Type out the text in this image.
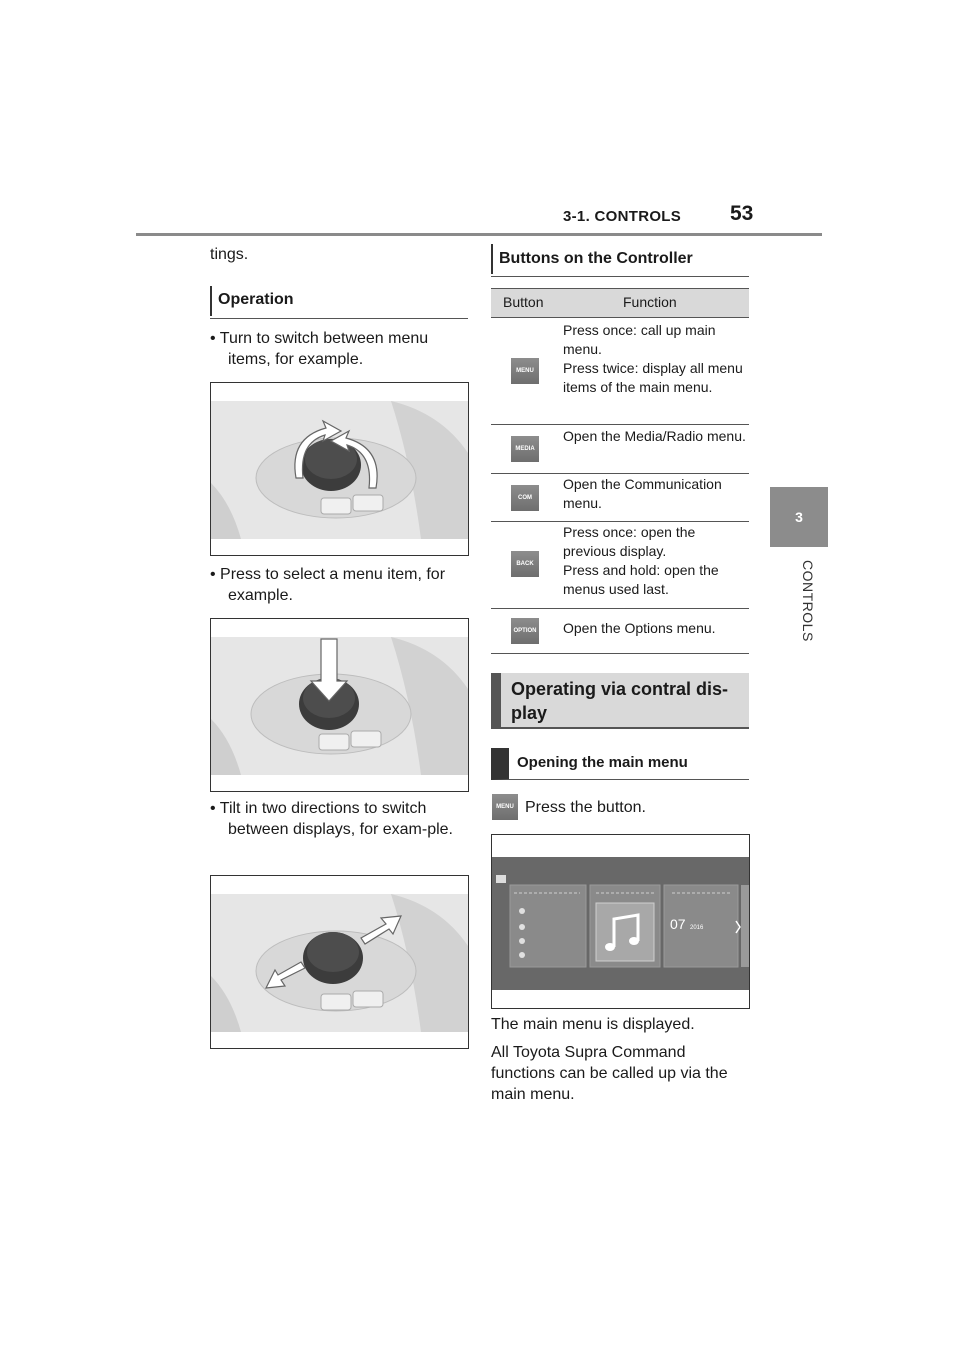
3-1. CONTROLS 53
3
CONTROLS
tings.
Operation
• Turn to switch between menu items, for example.
• Press to select a menu item, for example.
• Tilt in two directions to switch between displays, for exam-ple.
Buttons on the Controller
Button	Function
MENU
Press once: call up main menu.
Press twice: display all menu items of the main menu.
MEDIA
Open the Media/Radio menu.
COM
Open the Communication menu.
BACK
Press once: open the previous display.
Press and hold: open the menus used last.
OPTION Open the Options menu.
Operating via contral dis-play
Opening the main menu
MENU Press the button.
07 2016
The main menu is displayed.
All Toyota Supra Command functions can be called up via the main menu.
